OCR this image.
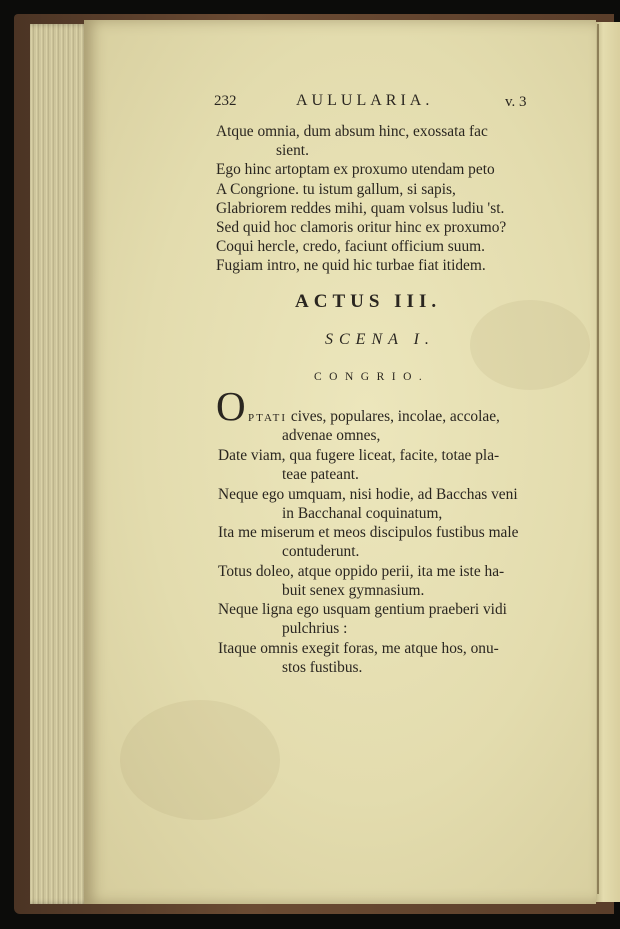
232	AULULARIA.	v. 3
Atque omnia, dum absum hinc, exossata fac
sient.
Ego hinc artoptam ex proxumo utendam peto
A Congrione. tu istum gallum, si sapis,
Glabriorem reddes mihi, quam volsus ludiu 'st.
Sed quid hoc clamoris oritur hinc ex proxumo?
Coqui hercle, credo, faciunt officium suum.
Fugiam intro, ne quid hic turbae fiat itidem.
ACTUS III.
SCENA I.
CONGRIO.
O PTATI cives, populares, incolae, accolae,
advenae omnes,
Date viam, qua fugere liceat, facite, totae pla-
teae pateant.
Neque ego umquam, nisi hodie, ad Bacchas veni
in Bacchanal coquinatum,
Ita me miserum et meos discipulos fustibus male
contuderunt.
Totus doleo, atque oppido perii, ita me iste ha-
buit senex gymnasium.
Neque ligna ego usquam gentium praeberi vidi
pulchrius :
Itaque omnis exegit foras, me atque hos, onu-
stos fustibus.
